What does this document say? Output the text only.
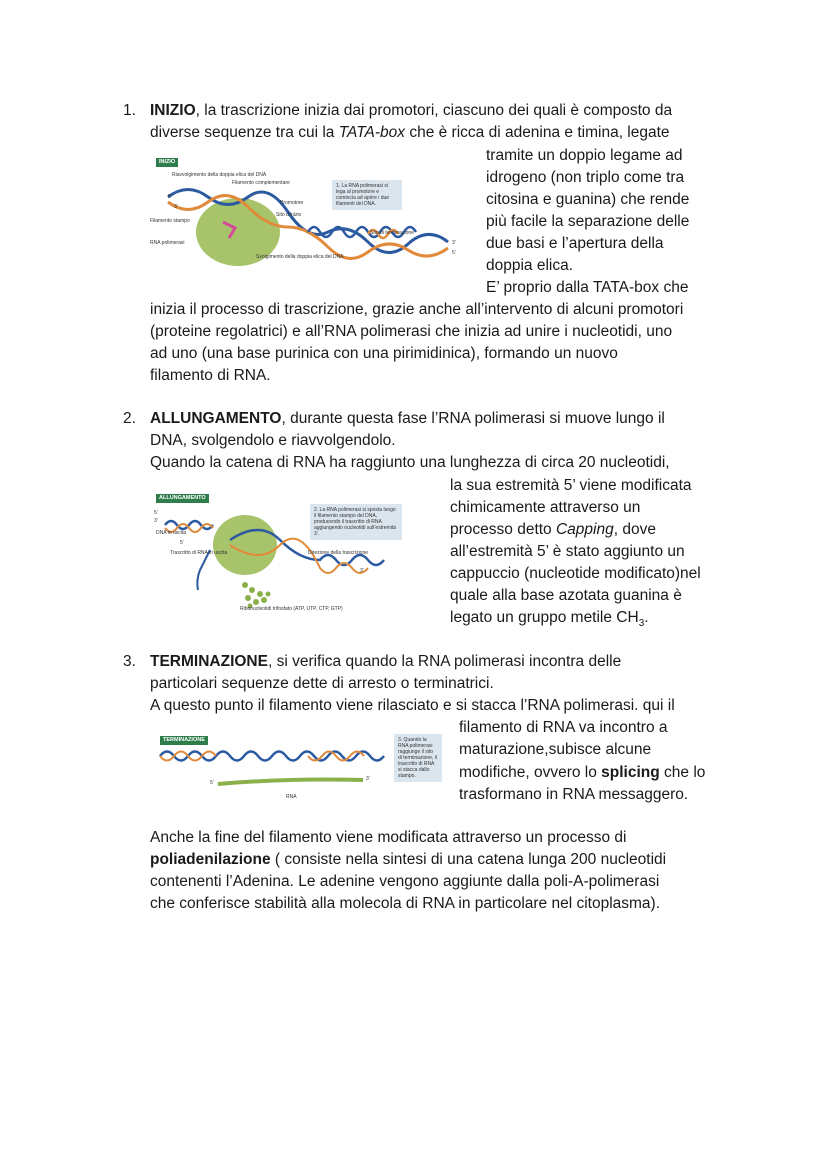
1. INIZIO, la trascrizione inizia dai promotori, ciascuno dei quali è composto da
diverse sequenze tra cui la TATA-box che è ricca di adenina e timina, legate
tramite un doppio legame ad
idrogeno (non triplo come tra
citosina e guanina) che rende
più facile la separazione delle
due basi e l’apertura della
doppia elica.
E’ proprio dalla TATA-box che
inizia il processo di trascrizione, grazie anche all’intervento di alcuni promotori
(proteine regolatrici) e all’RNA polimerasi che inizia ad unire i nucleotidi, uno
ad uno (una base purinica con una pirimidinica), formando un nuovo
filamento di RNA.
INIZIO
1. La RNA polimerasi si lega al promotore e comincia ad aprire i due filamenti del DNA.
Riavvolgimento della doppia elica del DNA
Filamento complementare
Promotore
Sito d’inizio
Filamento stampo
RNA polimerasi
Svolgimento della doppia elica del DNA
Sito di terminazione
5’
3’
3’
5’
2. ALLUNGAMENTO, durante questa fase l’RNA polimerasi si muove lungo il
DNA, svolgendolo e riavvolgendolo.
Quando la catena di RNA ha raggiunto una lunghezza di circa 20 nucleotidi,
la sua estremità 5’ viene modificata
chimicamente attraverso un
processo detto Capping, dove
all’estremità 5’ è stato aggiunto un
cappuccio (nucleotide modificato)nel
quale alla base azotata guanina è
legato un gruppo metile $CH_3$.
ALLUNGAMENTO
2. La RNA polimerasi si sposta lungo il filamento stampo del DNA, producendo il trascritto di RNA aggiungendo nucleotidi sull’estremità 3’.
DNA in uscita
Trascritto di RNA in uscita	Direzione della trascrizione
Ribonucleotidi trifosfato (ATP, UTP, CTP, GTP)
5’
3’
5’
3’
3. TERMINAZIONE, si verifica quando la RNA polimerasi incontra delle
particolari sequenze dette di arresto o terminatrici.
A questo punto il filamento viene rilasciato e si stacca l’RNA polimerasi. qui il
filamento di RNA va incontro a
maturazione,subisce alcune
modifiche, ovvero lo splicing che lo
trasformano in RNA messaggero.
TERMINAZIONE	3. Quando la RNA polimerasi raggiunge il sito di terminazione, il trascritto di RNA si stacca dallo stampo.
RNA
5’
3’
Anche la fine del filamento viene modificata attraverso un processo di
poliadenilazione ( consiste nella sintesi di una catena lunga 200 nucleotidi
contenenti l’Adenina. Le adenine vengono aggiunte dalla poli-A-polimerasi
che conferisce stabilità alla molecola di RNA in particolare nel citoplasma).
